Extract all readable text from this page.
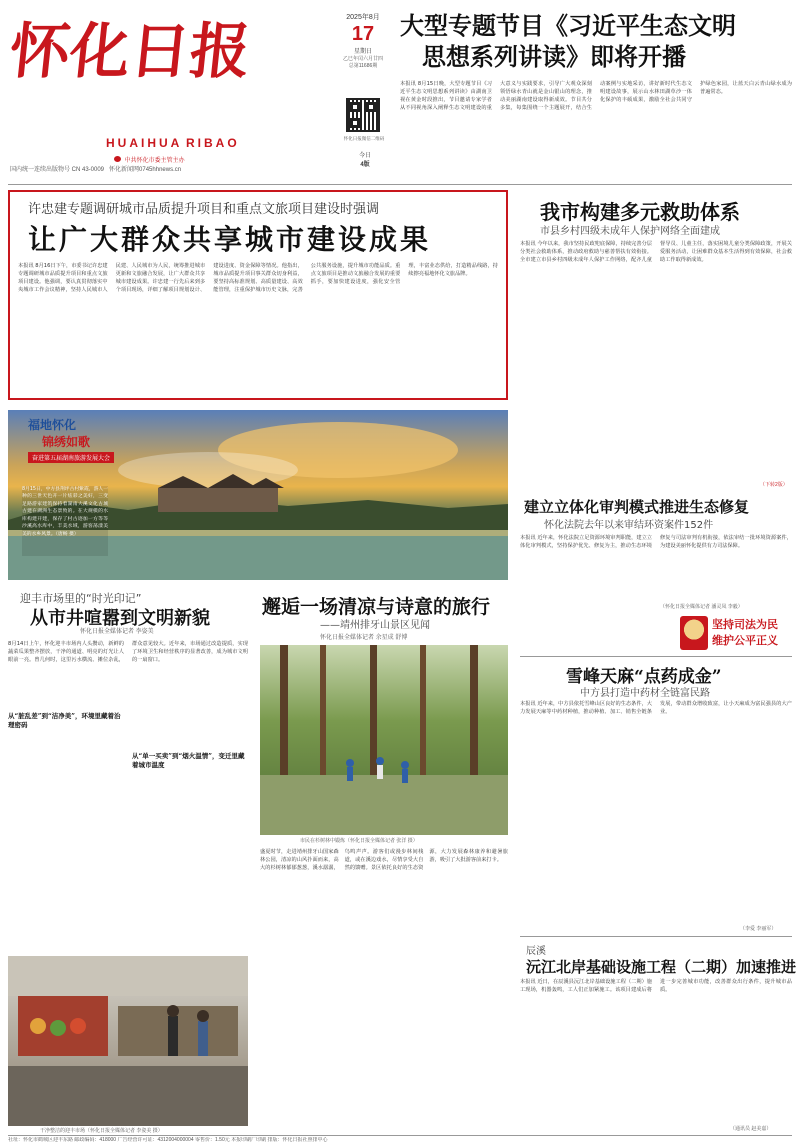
怀化日报
HUAIHUA RIBAO
中共怀化市委主管主办
国内统一连续出版物号 CN 43-0009 怀化新闻网0745hhnews.cn
2025年8月
17
星期日
乙巳年闰六月廿四
总第11686期
怀化日报微信二维码
今日
4版
大型专题节目《习近平生态文明
思想系列讲读》即将开播
本报讯 8月15日晚，大型专题节目《习近平生态文明思想系列讲读》由湖南卫视在黄金时段推出，节目邀请专家学者从不同视角深入阐释生态文明建设的重大意义与实践要求，引导广大观众深刻领悟绿水青山就是金山银山的理念，推动美丽湖南建设取得新成效。节目共分多集，每集围绕一个主题展开，结合生动案例与实地采访，讲好新时代生态文明建设故事，展示山水林田湖草沙一体化保护的丰硕成果，激励全社会共同守护绿色家园，让蓝天白云青山绿水成为普遍常态。
许忠建专题调研城市品质提升项目和重点文旅项目建设时强调
让广大群众共享城市建设成果
本报讯 8月16日下午，市委书记许忠建专题调研城市品质提升项目和重点文旅项目建设。他强调，要认真贯彻落实中央城市工作会议精神，坚持人民城市人民建、人民城市为人民，统筹推进城市更新和文旅融合发展，让广大群众共享城市建设成果。许忠建一行先后来到多个项目现场，详细了解项目规划设计、建设进度、资金保障等情况。他指出，城市品质提升项目事关群众切身利益，要坚持高标准规划、高质量建设、高效能管理，注重保护城市历史文脉，完善公共服务设施，提升城市功能品质。重点文旅项目是推动文旅融合发展的重要抓手，要加快建设进度，强化安全管理，丰富业态供给，打造精品线路，持续擦亮福地怀化文旅品牌。
我市构建多元救助体系
市县乡村四级未成年人保护网络全面建成
本报讯 今年以来，我市坚持民政兜底保障，持续完善分层分类社会救助体系，推动政府救助与慈善帮扶有效衔接。全市建立市县乡村四级未成年人保护工作网络，配齐儿童督导员、儿童主任，落实困境儿童分类保障政策，开展关爱服务活动，让困难群众基本生活得到有效保障，社会救助工作取得新成效。
（下转2版）
福地怀化
锦绣如歌
奋进第五届湖南旅游发展大会
8月15日，中方县荆坪古村紫霞，游人一种的三世天色开一片炫彩之美好，三变足路游家建筑保持着湖南大溪文化古城古建在湖洲生态景致的。在大规模的水库构建开建，保存了村古迹加一方等等沙溪高水库中，丰美水域，游客荡漾美美的水乡风景。（唐畅 摄）
建立立体化审判模式推进生态修复
怀化法院去年以来审结环资案件152件
本报讯 近年来，怀化法院立足资源环境审判职能，建立立体化审判模式，坚持保护优先、修复为主，推动生态环境修复与司法审判有机衔接，依法审结一批环境资源案件，为建设美丽怀化提供有力司法保障。
（怀化日报全媒体记者 潘灵凤 李毅）
坚持司法为民
维护公平正义
迎丰市场里的“时光印记”
从市井喧嚣到文明新貌
怀化日报全媒体记者 李姿美
8月14日上午，怀化迎丰市场内人头攒动，新鲜的蔬菜瓜果整齐摆放，干净的通道、明亮的灯光让人眼前一亮。曾几何时，这里污水横流、摊位杂乱，群众意见较大。近年来，市场通过改造提质，实现了环境卫生和经营秩序的显著改善，成为城市文明的一扇窗口。
从“脏乱差”到“洁净美”，环境里藏着治理密码
从“单一买卖”到“烟火温情”，变迁里藏着城市温度
干净整洁的迎丰市场（怀化日报全媒体记者 李姿美 摄）
邂逅一场清凉与诗意的旅行
——靖州排牙山景区见闻
怀化日报全媒体记者 余星成 舒博
市民在杉树林中锻炼（怀化日报全媒体记者 张洋 摄）
盛夏时节，走进靖州排牙山国家森林公园，清凉的山风扑面而来，高大的杉树林郁郁葱葱，溪水潺潺，鸟鸣声声。游客们或漫步林间栈道，或在溪边戏水，尽情享受大自然的馈赠。景区依托良好的生态资源，大力发展森林康养和避暑旅游，吸引了大批游客前来打卡。
雪峰天麻“点药成金”
中方县打造中药材全链富民路
本报讯 近年来，中方县依托雪峰山区良好的生态条件，大力发展天麻等中药材种植，推动种植、加工、销售全链条发展，带动群众增收致富，让小天麻成为富民强县的大产业。
（李爱 李丽军）
辰溪
沅江北岸基础设施工程（二期）加速推进
本报讯 近日，在辰溪县沅江北岸基础设施工程（二期）施工现场，机器轰鸣，工人们正加紧施工。该项目建成后将进一步完善城市功能，改善群众出行条件，提升城市品质。
（通讯员 赵美嘉）
社址：怀化市鹤城区迎丰东路 邮政编码：418000 广告经营许可证：4312004000004 零售价：1.50元 本报印刷厂印刷 排版：怀化日报社照排中心
